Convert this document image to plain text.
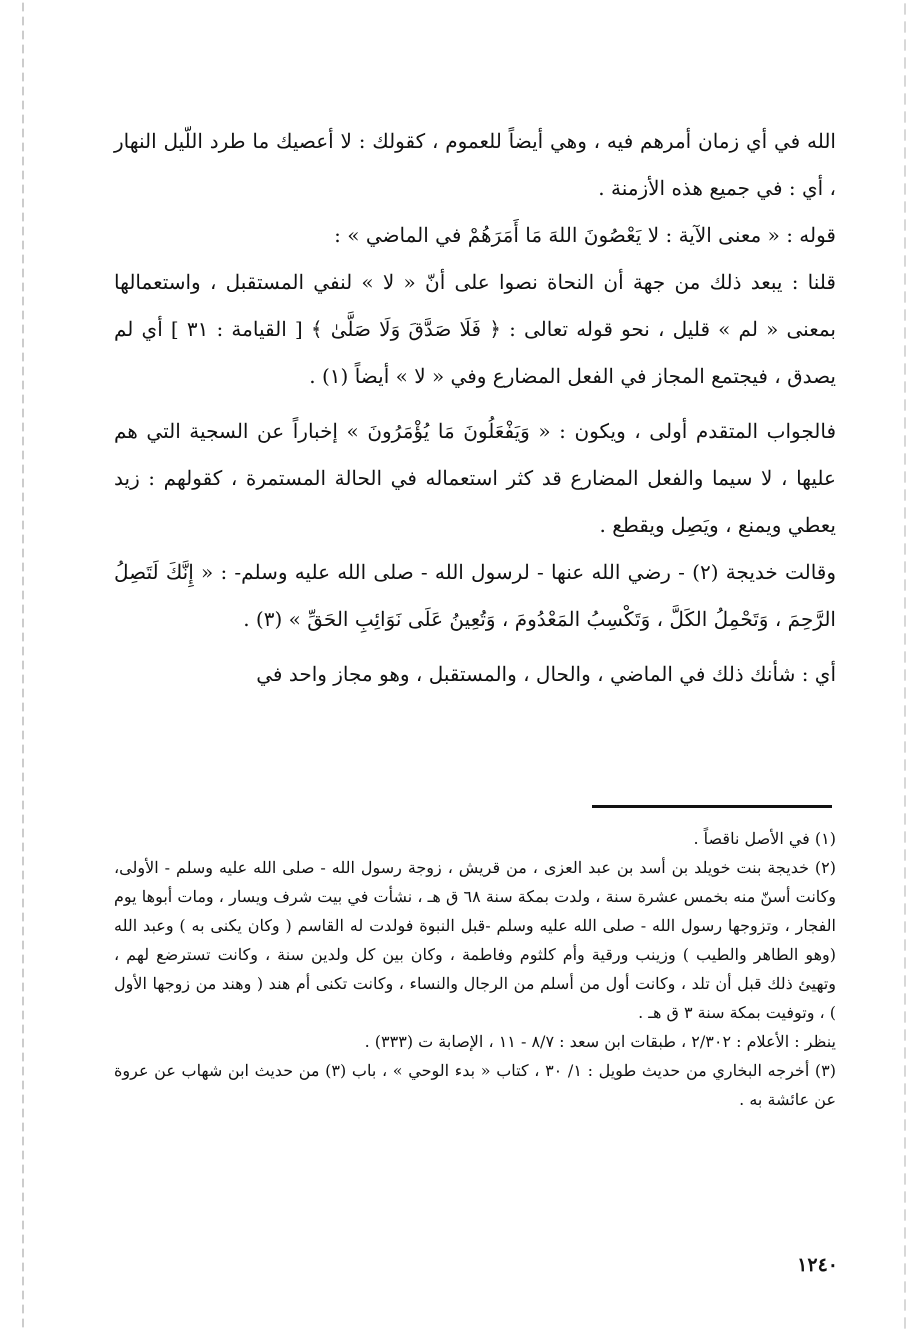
الله في أي زمان أمرهم فيه ، وهي أيضاً للعموم ، كقولك : لا أعصيك ما طرد اللّيل النهار ، أي : في جميع هذه الأزمنة .

قوله : « معنى الآية : لا يَعْصُونَ اللهَ مَا أَمَرَهُمْ في الماضي » :

قلنا : يبعد ذلك من جهة أن النحاة نصوا على أنّ « لا » لنفي المستقبل ، واستعمالها بمعنى « لم » قليل ، نحو قوله تعالى : ﴿ فَلَا صَدَّقَ وَلَا صَلَّىٰ ﴾ [ القيامة : ٣١ ] أي لم يصدق ، فيجتمع المجاز في الفعل المضارع وفي « لا » أيضاً (١) .

فالجواب المتقدم أولى ، ويكون : « وَيَفْعَلُونَ مَا يُؤْمَرُونَ » إخباراً عن السجية التي هم عليها ، لا سيما والفعل المضارع قد كثر استعماله في الحالة المستمرة ، كقولهم : زيد يعطي ويمنع ، ويَصِل ويقطع .

وقالت خديجة (٢) - رضي الله عنها - لرسول الله - صلى الله عليه وسلم- : « إِنَّكَ لَتَصِلُ الرَّحِمَ ، وَتَحْمِلُ الكَلَّ ، وَتَكْسِبُ المَعْدُومَ ، وَتُعِينُ عَلَى نَوَائِبِ الحَقِّ » (٣) .

أي : شأنك ذلك في الماضي ، والحال ، والمستقبل ، وهو مجاز واحد في

(١) في الأصل ناقصاً .

(٢) خديجة بنت خويلد بن أسد بن عبد العزى ، من قريش ، زوجة رسول الله - صلى الله عليه وسلم - الأولى، وكانت أسنّ منه بخمس عشرة سنة ، ولدت بمكة سنة ٦٨ ق هـ ، نشأت في بيت شرف ويسار ، ومات أبوها يوم الفجار ، وتزوجها رسول الله - صلى الله عليه وسلم -قبل النبوة فولدت له القاسم ( وكان يكنى به ) وعبد الله (وهو الطاهر والطيب ) وزينب ورقية وأم كلثوم وفاطمة ، وكان بين كل ولدين سنة ، وكانت تسترضع لهم ، وتهيئ ذلك قبل أن تلد ، وكانت أول من أسلم من الرجال والنساء ، وكانت تكنى أم هند ( وهند من زوجها الأول ) ، وتوفيت بمكة سنة ٣ ق هـ .

ينظر : الأعلام : ٢/٣٠٢ ، طبقات ابن سعد : ٨/٧ - ١١ ، الإصابة ت (٣٣٣) .

(٣) أخرجه البخاري من حديث طويل : ١/ ٣٠ ، كتاب « بدء الوحي » ، باب (٣) من حديث ابن شهاب عن عروة عن عائشة به .

١٢٤٠
